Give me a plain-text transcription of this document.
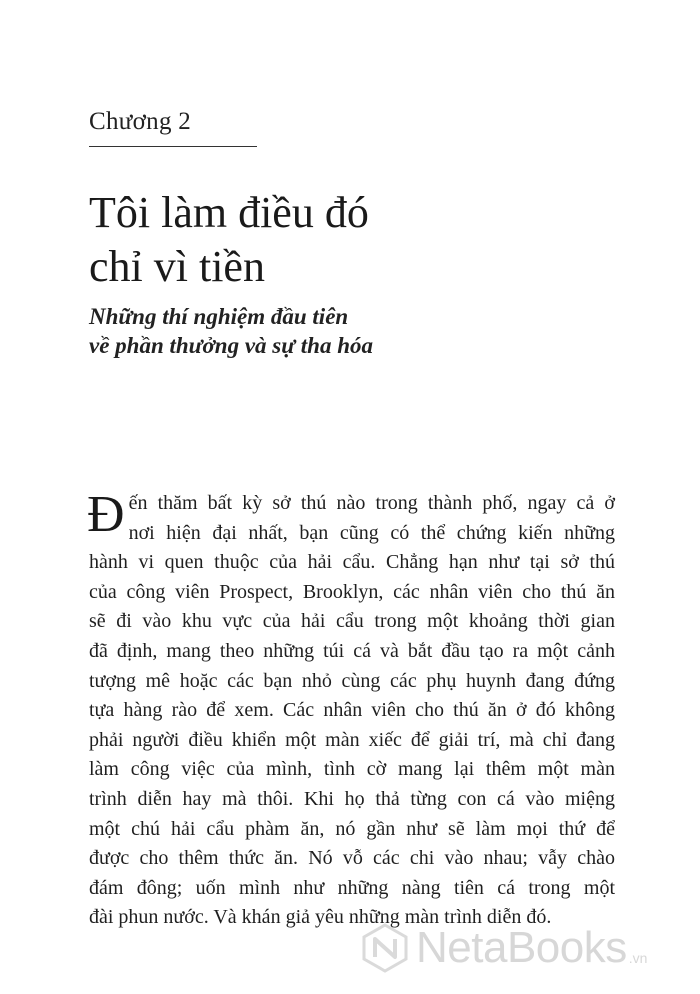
Chương 2

Tôi làm điều đó
chỉ vì tiền
Những thí nghiệm đầu tiên
về phần thưởng và sự tha hóa
Đ ến thăm bất kỳ sở thú nào trong thành phố, ngay cả ở
nơi hiện đại nhất, bạn cũng có thể chứng kiến những
hành vi quen thuộc của hải cẩu. Chẳng hạn như tại sở thú
của công viên Prospect, Brooklyn, các nhân viên cho thú ăn
sẽ đi vào khu vực của hải cẩu trong một khoảng thời gian
đã định, mang theo những túi cá và bắt đầu tạo ra một cảnh
tượng mê hoặc các bạn nhỏ cùng các phụ huynh đang đứng
tựa hàng rào để xem. Các nhân viên cho thú ăn ở đó không
phải người điều khiển một màn xiếc để giải trí, mà chỉ đang
làm công việc của mình, tình cờ mang lại thêm một màn
trình diễn hay mà thôi. Khi họ thả từng con cá vào miệng
một chú hải cẩu phàm ăn, nó gần như sẽ làm mọi thứ để
được cho thêm thức ăn. Nó vỗ các chi vào nhau; vẫy chào
đám đông; uốn mình như những nàng tiên cá trong một
đài phun nước. Và khán giả yêu những màn trình diễn đó.
NetaBooks .vn
